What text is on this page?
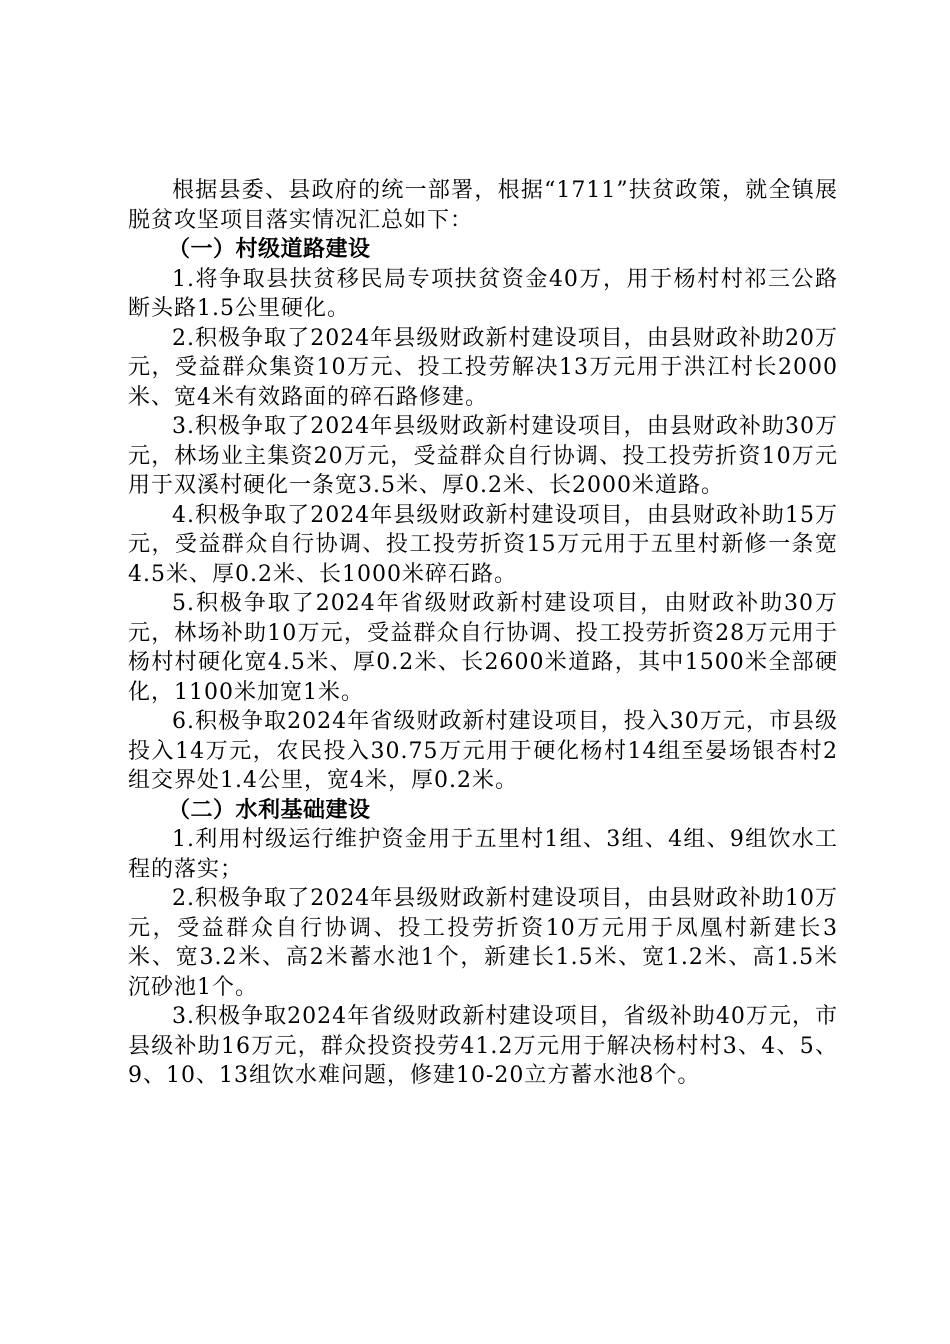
根据县委、县政府的统一部署，根据“1711”扶贫政策，就全镇展脱贫攻坚项目落实情况汇总如下：

（一）村级道路建设

1.将争取县扶贫移民局专项扶贫资金40万，用于杨村村祁三公路断头路1.5公里硬化。

2.积极争取了2024年县级财政新村建设项目，由县财政补助20万元，受益群众集资10万元、投工投劳解决13万元用于洪江村长2000米、宽4米有效路面的碎石路修建。

3.积极争取了2024年县级财政新村建设项目，由县财政补助30万元，林场业主集资20万元，受益群众自行协调、投工投劳折资10万元用于双溪村硬化一条宽3.5米、厚0.2米、长2000米道路。

4.积极争取了2024年县级财政新村建设项目，由县财政补助15万元，受益群众自行协调、投工投劳折资15万元用于五里村新修一条宽4.5米、厚0.2米、长1000米碎石路。

5.积极争取了2024年省级财政新村建设项目，由财政补助30万元，林场补助10万元，受益群众自行协调、投工投劳折资28万元用于杨村村硬化宽4.5米、厚0.2米、长2600米道路，其中1500米全部硬化，1100米加宽1米。

6.积极争取2024年省级财政新村建设项目，投入30万元，市县级投入14万元，农民投入30.75万元用于硬化杨村14组至晏场银杏村2组交界处1.4公里，宽4米，厚0.2米。

（二）水利基础建设

1.利用村级运行维护资金用于五里村1组、3组、4组、9组饮水工程的落实；

2.积极争取了2024年县级财政新村建设项目，由县财政补助10万元，受益群众自行协调、投工投劳折资10万元用于凤凰村新建长3米、宽3.2米、高2米蓄水池1个，新建长1.5米、宽1.2米、高1.5米沉砂池1个。

3.积极争取2024年省级财政新村建设项目，省级补助40万元，市县级补助16万元，群众投资投劳41.2万元用于解决杨村村3、4、5、9、10、13组饮水难问题，修建10-20立方蓄水池8个。
